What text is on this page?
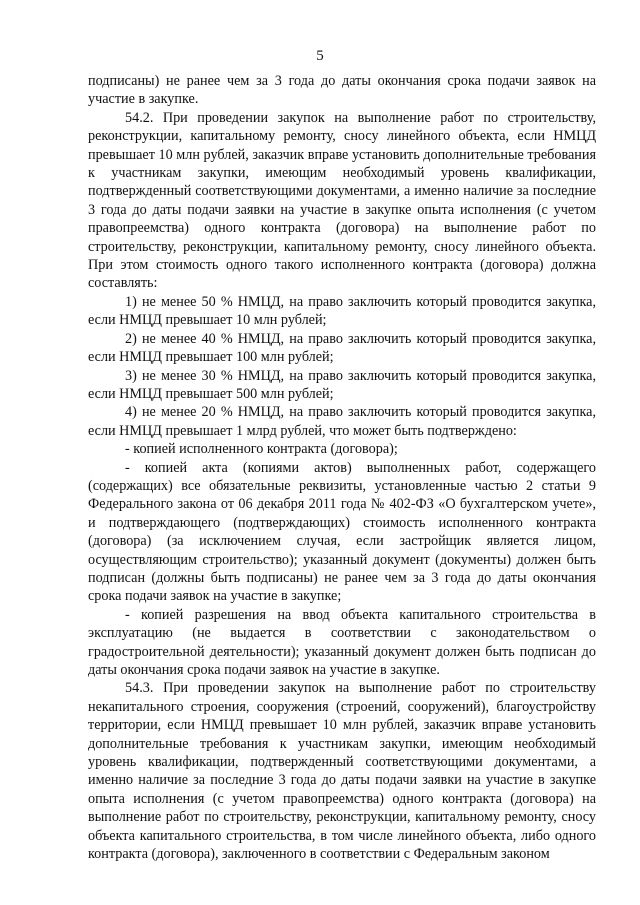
5

подписаны) не ранее чем за 3 года до даты окончания срока подачи заявок на участие в закупке.

54.2. При проведении закупок на выполнение работ по строительству, реконструкции, капитальному ремонту, сносу линейного объекта, если НМЦД превышает 10 млн рублей, заказчик вправе установить дополнительные требования к участникам закупки, имеющим необходимый уровень квалификации, подтвержденный соответствующими документами, а именно наличие за последние 3 года до даты подачи заявки на участие в закупке опыта исполнения (с учетом правопреемства) одного контракта (договора) на выполнение работ по строительству, реконструкции, капитальному ремонту, сносу линейного объекта. При этом стоимость одного такого исполненного контракта (договора) должна составлять:

1) не менее 50 % НМЦД, на право заключить который проводится закупка, если НМЦД превышает 10 млн рублей;

2) не менее 40 % НМЦД, на право заключить который проводится закупка, если НМЦД превышает 100 млн рублей;

3) не менее 30 % НМЦД, на право заключить который проводится закупка, если НМЦД превышает 500 млн рублей;

4) не менее 20 % НМЦД, на право заключить который проводится закупка, если НМЦД превышает 1 млрд рублей, что может быть подтверждено:

- копией исполненного контракта (договора);

- копией акта (копиями актов) выполненных работ, содержащего (содержащих) все обязательные реквизиты, установленные частью 2 статьи 9 Федерального закона от 06 декабря 2011 года № 402-ФЗ «О бухгалтерском учете», и подтверждающего (подтверждающих) стоимость исполненного контракта (договора) (за исключением случая, если застройщик является лицом, осуществляющим строительство); указанный документ (документы) должен быть подписан (должны быть подписаны) не ранее чем за 3 года до даты окончания срока подачи заявок на участие в закупке;

- копией разрешения на ввод объекта капитального строительства в эксплуатацию (не выдается в соответствии с законодательством о градостроительной деятельности); указанный документ должен быть подписан до даты окончания срока подачи заявок на участие в закупке.

54.3. При проведении закупок на выполнение работ по строительству некапитального строения, сооружения (строений, сооружений), благоустройству территории, если НМЦД превышает 10 млн рублей, заказчик вправе установить дополнительные требования к участникам закупки, имеющим необходимый уровень квалификации, подтвержденный соответствующими документами, а именно наличие за последние 3 года до даты подачи заявки на участие в закупке опыта исполнения (с учетом правопреемства) одного контракта (договора) на выполнение работ по строительству, реконструкции, капитальному ремонту, сносу объекта капитального строительства, в том числе линейного объекта, либо одного контракта (договора), заключенного в соответствии с Федеральным законом
